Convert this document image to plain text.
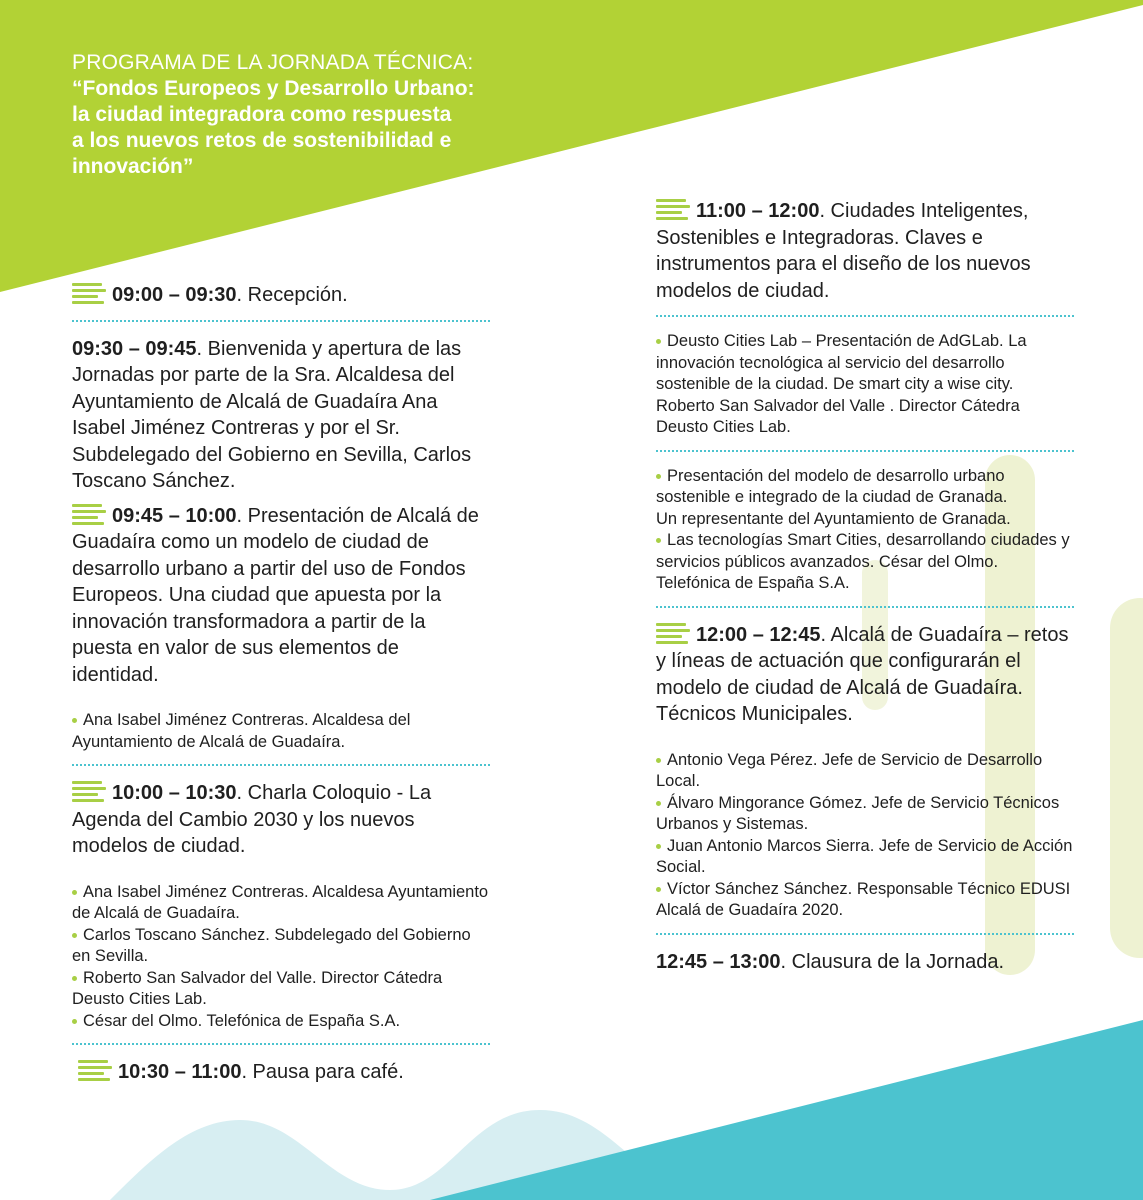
PROGRAMA DE LA JORNADA TÉCNICA:
“Fondos Europeos y Desarrollo Urbano:
la ciudad integradora como respuesta
a los nuevos retos de sostenibilidad e
innovación”
09:00 – 09:30. Recepción.
09:30 – 09:45. Bienvenida y apertura de las Jornadas por parte de la Sra. Alcaldesa del Ayuntamiento de Alcalá de Guadaíra Ana Isabel Jiménez Contreras y por el Sr. Subdelegado del Gobierno en Sevilla, Carlos Toscano Sánchez.
09:45 – 10:00. Presentación de Alcalá de Guadaíra como un modelo de ciudad de desarrollo urbano a partir del uso de Fondos Europeos. Una ciudad que apuesta por la innovación transformadora a partir de la puesta en valor de sus elementos de identidad.
Ana Isabel Jiménez Contreras. Alcaldesa del Ayuntamiento de Alcalá de Guadaíra.
10:00 – 10:30. Charla Coloquio - La Agenda del Cambio 2030 y los nuevos modelos de ciudad.
Ana Isabel Jiménez Contreras. Alcaldesa Ayuntamiento de Alcalá de Guadaíra.
Carlos Toscano Sánchez. Subdelegado del Gobierno en Sevilla.
Roberto San Salvador del Valle. Director Cátedra Deusto Cities Lab.
César del Olmo. Telefónica de España S.A.
10:30 – 11:00. Pausa para café.
11:00 – 12:00. Ciudades Inteligentes, Sostenibles e Integradoras. Claves e instrumentos para el diseño de los nuevos modelos de ciudad.
Deusto Cities Lab – Presentación de AdGLab. La innovación tecnológica al servicio del desarrollo sostenible de la ciudad. De smart city a wise city.
Roberto San Salvador del Valle . Director Cátedra Deusto Cities Lab.
Presentación del modelo de desarrollo urbano sostenible e integrado de la ciudad de Granada.
Un representante del Ayuntamiento de Granada.
Las tecnologías Smart Cities, desarrollando ciudades y servicios públicos avanzados. César del Olmo. Telefónica de España S.A.
12:00 – 12:45. Alcalá de Guadaíra – retos y líneas de actuación que configurarán el modelo de ciudad de Alcalá de Guadaíra. Técnicos Municipales.
Antonio Vega Pérez. Jefe de Servicio de Desarrollo Local.
Álvaro Mingorance Gómez. Jefe de Servicio Técnicos Urbanos y Sistemas.
Juan Antonio Marcos Sierra. Jefe de Servicio de Acción Social.
Víctor Sánchez Sánchez. Responsable Técnico EDUSI Alcalá de Guadaíra 2020.
12:45 – 13:00. Clausura de la Jornada.
